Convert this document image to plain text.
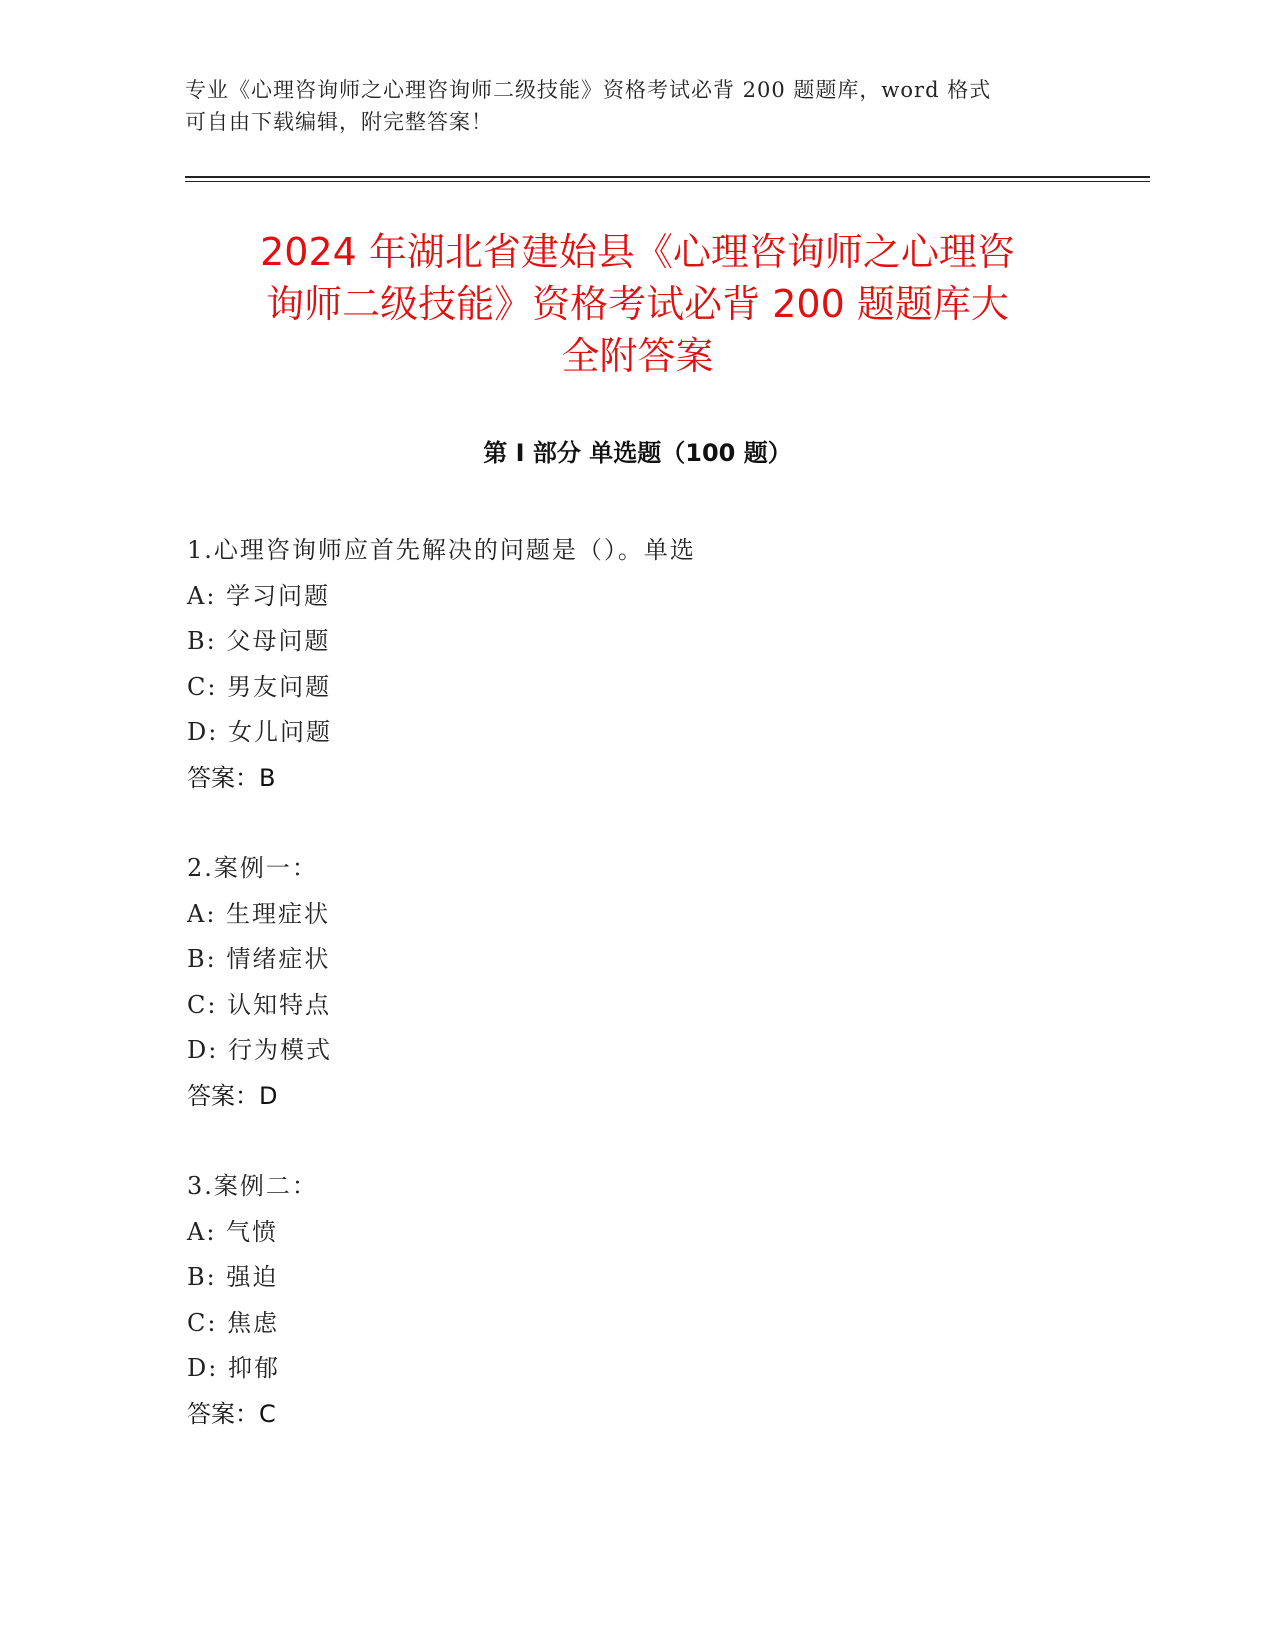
专业《心理咨询师之心理咨询师二级技能》资格考试必背 200 题题库，word 格式
可自由下载编辑，附完整答案！
2024 年湖北省建始县《心理咨询师之心理咨
询师二级技能》资格考试必背 200 题题库大
全附答案
第 I 部分 单选题（100 题）
1.心理咨询师应首先解决的问题是（）。单选
A: 学习问题
B: 父母问题
C: 男友问题
D: 女儿问题
答案：B
2.案例一：
A: 生理症状
B: 情绪症状
C: 认知特点
D: 行为模式
答案：D
3.案例二：
A: 气愤
B: 强迫
C: 焦虑
D: 抑郁
答案：C
